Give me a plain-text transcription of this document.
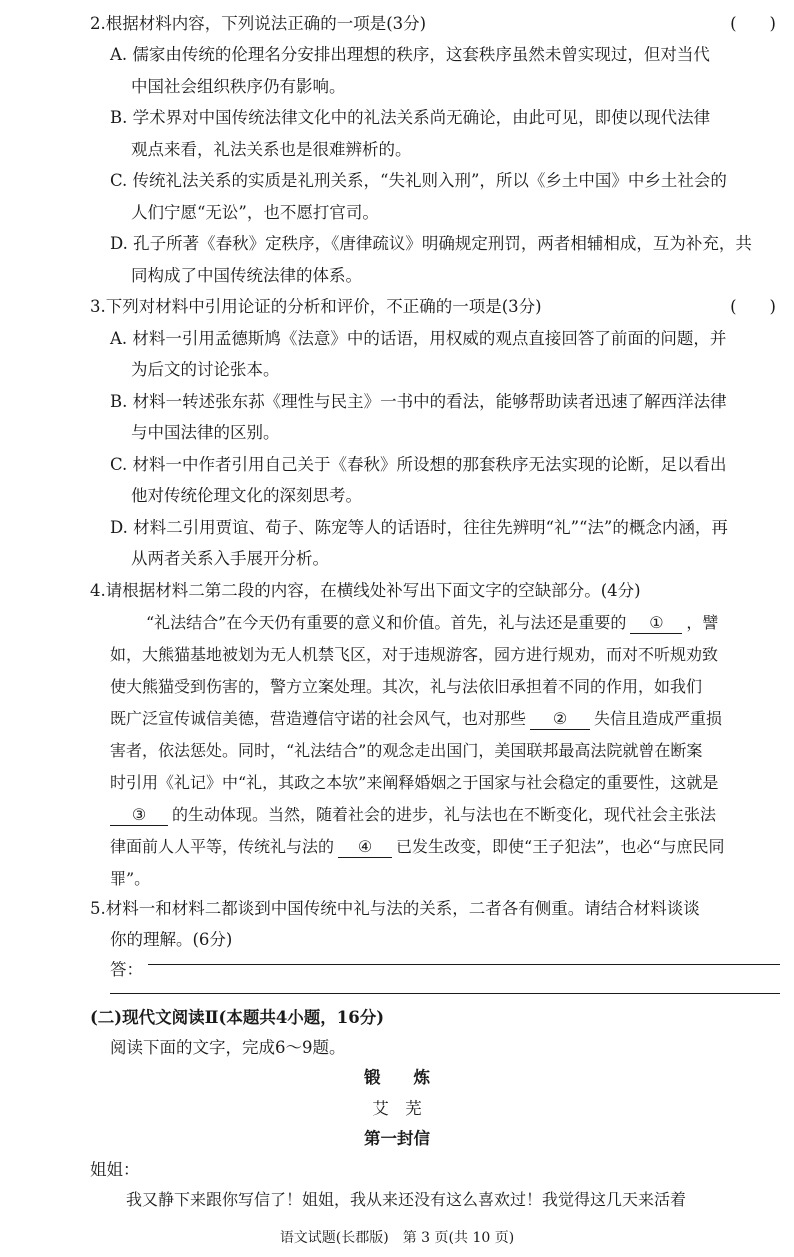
2.根据材料内容，下列说法正确的一项是(3分)	(　　)
A. 儒家由传统的伦理名分安排出理想的秩序，这套秩序虽然未曾实现过，但对当代
中国社会组织秩序仍有影响。
B. 学术界对中国传统法律文化中的礼法关系尚无确论，由此可见，即使以现代法律
观点来看，礼法关系也是很难辨析的。
C. 传统礼法关系的实质是礼刑关系，“失礼则入刑”，所以《乡土中国》中乡土社会的
人们宁愿“无讼”，也不愿打官司。
D. 孔子所著《春秋》定秩序，《唐律疏议》明确规定刑罚，两者相辅相成，互为补充，共
同构成了中国传统法律的体系。
3.下列对材料中引用论证的分析和评价，不正确的一项是(3分)	(　　)
A. 材料一引用孟德斯鸠《法意》中的话语，用权威的观点直接回答了前面的问题，并
为后文的讨论张本。
B. 材料一转述张东荪《理性与民主》一书中的看法，能够帮助读者迅速了解西洋法律
与中国法律的区别。
C. 材料一中作者引用自己关于《春秋》所设想的那套秩序无法实现的论断，足以看出
他对传统伦理文化的深刻思考。
D. 材料二引用贾谊、荀子、陈宠等人的话语时，往往先辨明“礼”“法”的概念内涵，再
从两者关系入手展开分析。
4.请根据材料二第二段的内容，在横线处补写出下面文字的空缺部分。(4分)
“礼法结合”在今天仍有重要的意义和价值。首先，礼与法还是重要的 ① ，譬
如，大熊猫基地被划为无人机禁飞区，对于违规游客，园方进行规劝，而对不听规劝致
使大熊猫受到伤害的，警方立案处理。其次，礼与法依旧承担着不同的作用，如我们
既广泛宣传诚信美德，营造遵信守诺的社会风气，也对那些 ② 失信且造成严重损
害者，依法惩处。同时，“礼法结合”的观念走出国门，美国联邦最高法院就曾在断案
时引用《礼记》中“礼，其政之本欤”来阐释婚姻之于国家与社会稳定的重要性，这就是
③ 的生动体现。当然，随着社会的进步，礼与法也在不断变化，现代社会主张法
律面前人人平等，传统礼与法的 ④ 已发生改变，即使“王子犯法”，也必“与庶民同
罪”。
5.材料一和材料二都谈到中国传统中礼与法的关系，二者各有侧重。请结合材料谈谈
你的理解。(6分)
答：
(二)现代文阅读Ⅱ(本题共4小题，16分)
阅读下面的文字，完成6～9题。
锻　　炼
艾　芜
第一封信
姐姐：
我又静下来跟你写信了！姐姐，我从来还没有这么喜欢过！我觉得这几天来活着
语文试题(长郡版)　第 3 页(共 10 页)
